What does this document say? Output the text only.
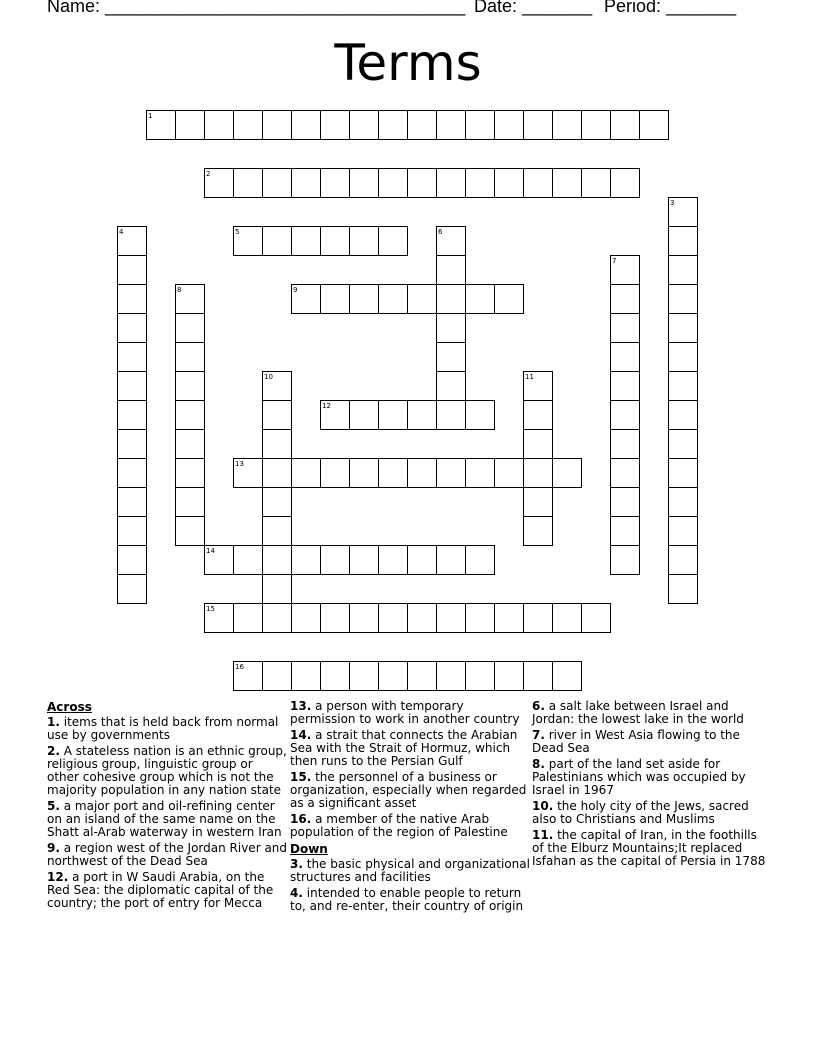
Name: ____________________________________ Date: _______ Period: _______
Terms
1
2
3
4	5	6
7
8	9
10	11
12
13
14
15
16
Across
1. items that is held back from normal use by governments
2. A stateless nation is an ethnic group, religious group, linguistic group or other cohesive group which is not the majority population in any nation state
5. a major port and oil-refining center on an island of the same name on the Shatt al-Arab waterway in western Iran
9. a region west of the Jordan River and northwest of the Dead Sea
12. a port in W Saudi Arabia, on the Red Sea: the diplomatic capital of the country; the port of entry for Mecca
13. a person with temporary permission to work in another country
14. a strait that connects the Arabian Sea with the Strait of Hormuz, which then runs to the Persian Gulf
15. the personnel of a business or organization, especially when regarded as a significant asset
16. a member of the native Arab population of the region of Palestine
Down
3. the basic physical and organizational structures and facilities
4. intended to enable people to return to, and re-enter, their country of origin
6. a salt lake between Israel and Jordan: the lowest lake in the world
7. river in West Asia flowing to the Dead Sea
8. part of the land set aside for Palestinians which was occupied by Israel in 1967
10. the holy city of the Jews, sacred also to Christians and Muslims
11. the capital of Iran, in the foothills of the Elburz Mountains;It replaced Isfahan as the capital of Persia in 1788
